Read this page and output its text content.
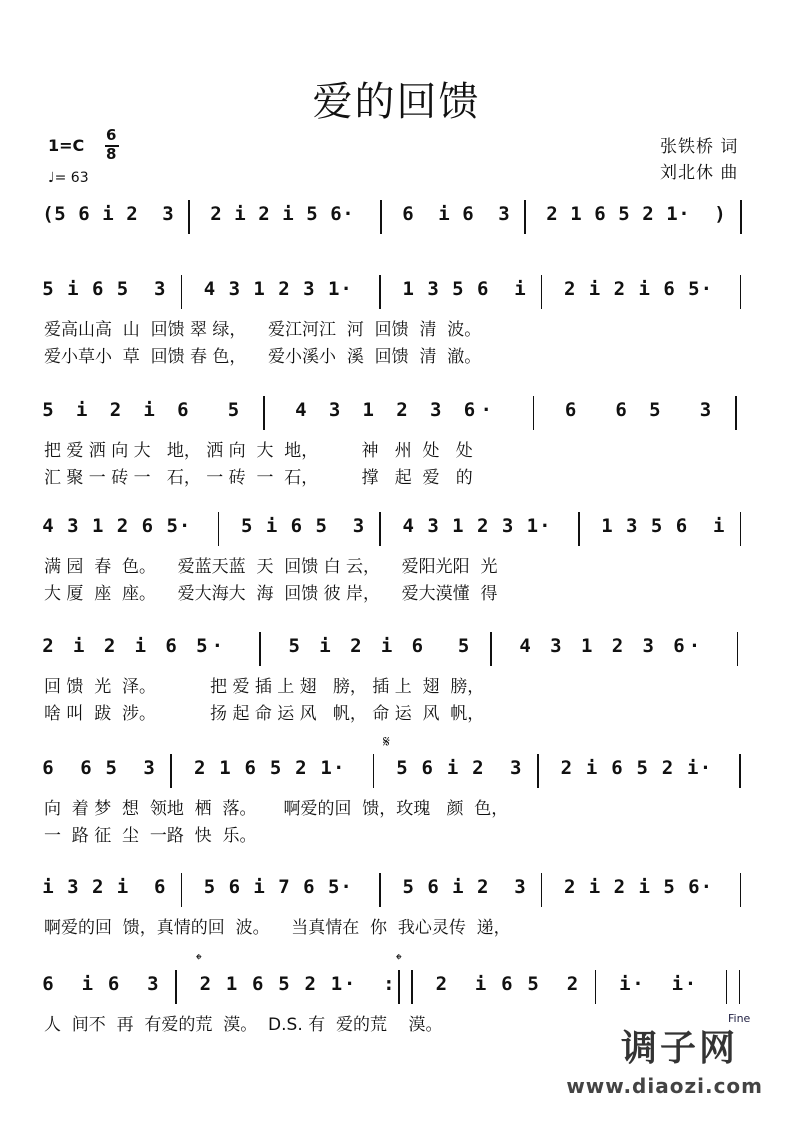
爱的回馈
1=C
6
8
♩= 63
张铁桥 词
刘北休 曲
( 5 6 i 2 3 2 i 2 i 5 6 ·	6 i 6 3 2 1 6 5 2 1 · )
5 i 6 5 3 4 3 1 2 3 1 ·	1 3 5 6 i 2 i 2 i 6 5 ·
爱高山高  山  回馈 翠 绿，    爱江河江  河  回馈  清  波。
爱小草小  草  回馈 春 色，    爱小溪小  溪  回馈  清  澈。
5 i 2 i 6 5	4 3 1 2 3 6 ·	6 6 5 3
把 爱 洒 向 大   地， 洒 向  大  地，        神   州  处   处
汇 聚 一 砖 一   石， 一 砖  一  石，        撑   起  爱   的
4 3 1 2 6 5 ·	5 i 6 5 3 4 3 1 2 3 1 ·	1 3 5 6 i
满 园  春  色。    爱蓝天蓝  天  回馈 白 云，    爱阳光阳  光
大 厦  座  座。    爱大海大  海  回馈 彼 岸，    爱大漠懂  得
2 i 2 i 6 5 ·	5 i 2 i 6 5	4 3 1 2 3 6 ·
回 馈  光  泽。          把 爱 插 上 翅   膀， 插 上  翅  膀，
啥 叫  跋  涉。          扬 起 命 运 风   帆， 命 运  风  帆，
6 6 5 3 2 1 6 5 2 1 ·	5 6 i 2 3 2 i 6 5 2 i ·
向  着 梦  想  领地  栖  落。     啊爱的回  馈，玫瑰   颜  色，
一  路 征  尘  一路  快  乐。
i 3 2 i 6 5 6 i 7 6 5 ·	5 6 i 2 3 2 i 2 i 5 6 ·
啊爱的回  馈，真情的回  波。    当真情在  你  我心灵传  递，
6 i 6 3 2 1 6 5 2 1 · : 2 i 6 5 2 i · i ·
人  间不  再  有爱的荒  漠。  D.S. 有  爱的荒    漠。
𝄋
𝄌	𝄌
Fine
调子网
www.diaozi.com
